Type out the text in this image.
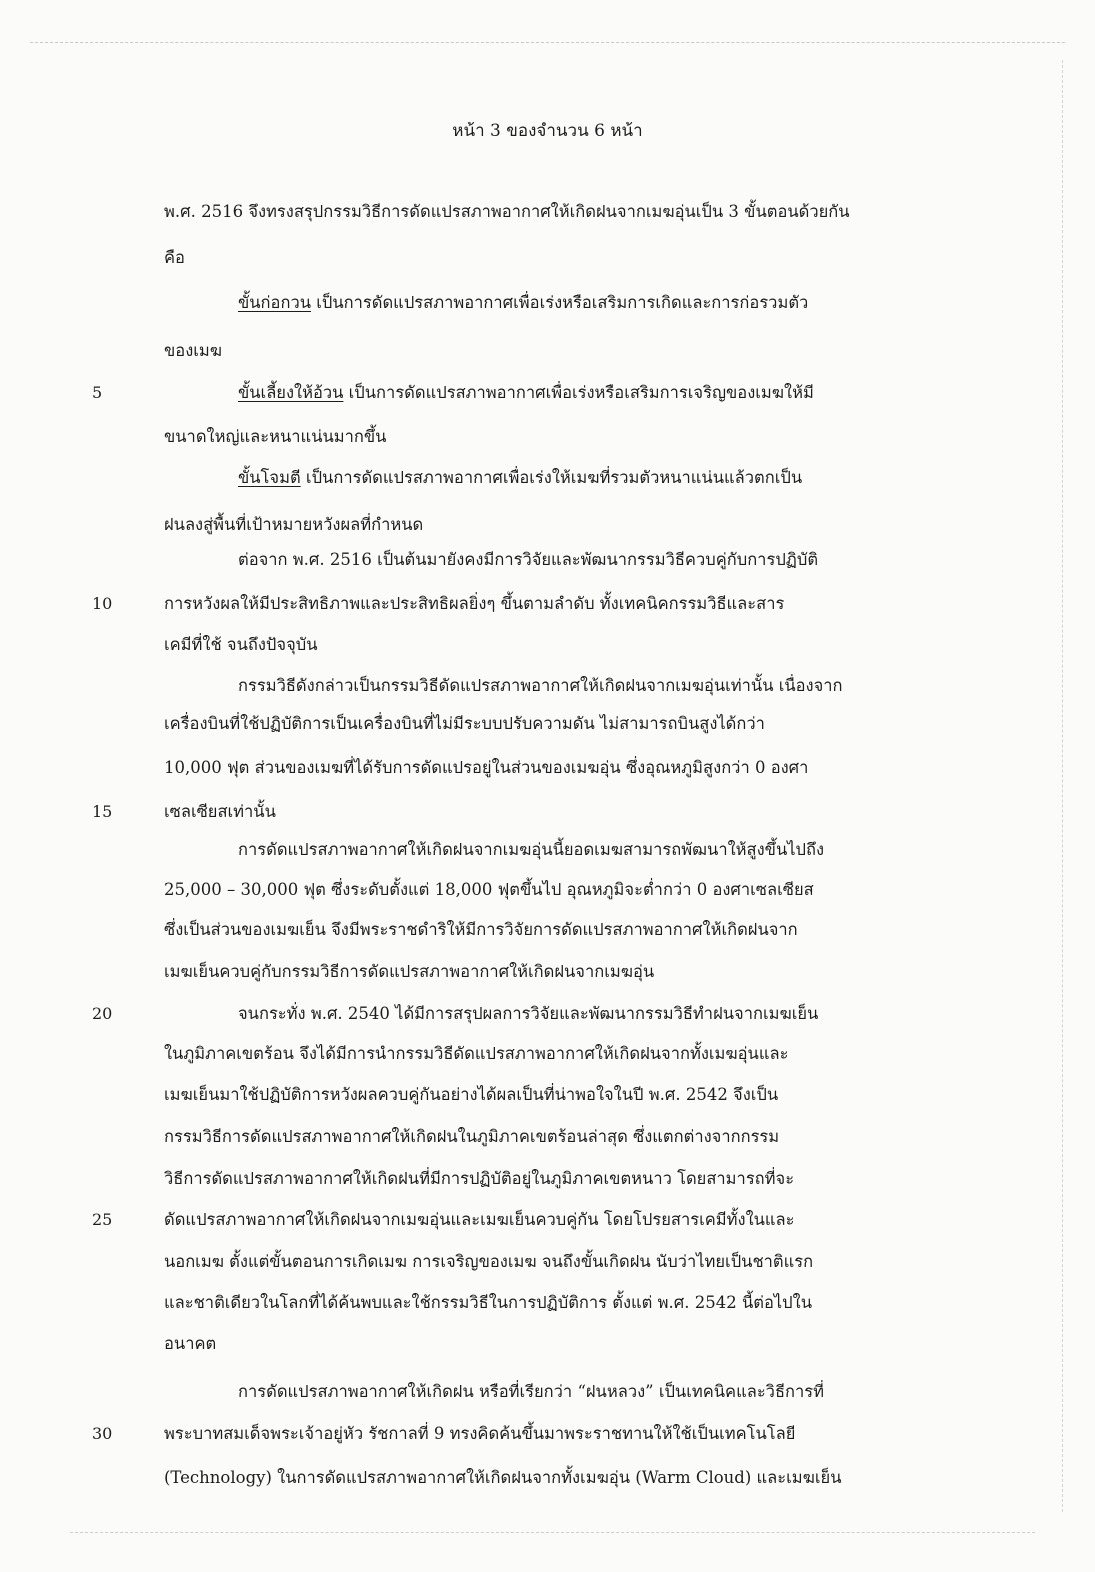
หน้า 3 ของจำนวน 6 หน้า
พ.ศ. 2516 จึงทรงสรุปกรรมวิธีการดัดแปรสภาพอากาศให้เกิดฝนจากเมฆอุ่นเป็น 3 ขั้นตอนด้วยกัน
คือ
ขั้นก่อกวน เป็นการดัดแปรสภาพอากาศเพื่อเร่งหรือเสริมการเกิดและการก่อรวมตัว
ของเมฆ
ขั้นเลี้ยงให้อ้วน เป็นการดัดแปรสภาพอากาศเพื่อเร่งหรือเสริมการเจริญของเมฆให้มี
ขนาดใหญ่และหนาแน่นมากขึ้น
ขั้นโจมตี เป็นการดัดแปรสภาพอากาศเพื่อเร่งให้เมฆที่รวมตัวหนาแน่นแล้วตกเป็น
ฝนลงสู่พื้นที่เป้าหมายหวังผลที่กำหนด
ต่อจาก พ.ศ. 2516 เป็นต้นมายังคงมีการวิจัยและพัฒนากรรมวิธีควบคู่กับการปฏิบัติ
การหวังผลให้มีประสิทธิภาพและประสิทธิผลยิ่งๆ ขึ้นตามลำดับ ทั้งเทคนิคกรรมวิธีและสาร
เคมีที่ใช้ จนถึงปัจจุบัน
กรรมวิธีดังกล่าวเป็นกรรมวิธีดัดแปรสภาพอากาศให้เกิดฝนจากเมฆอุ่นเท่านั้น เนื่องจาก
เครื่องบินที่ใช้ปฏิบัติการเป็นเครื่องบินที่ไม่มีระบบปรับความดัน ไม่สามารถบินสูงได้กว่า
10,000 ฟุต ส่วนของเมฆที่ได้รับการดัดแปรอยู่ในส่วนของเมฆอุ่น ซึ่งอุณหภูมิสูงกว่า 0 องศา
เซลเซียสเท่านั้น
การดัดแปรสภาพอากาศให้เกิดฝนจากเมฆอุ่นนี้ยอดเมฆสามารถพัฒนาให้สูงขึ้นไปถึง
25,000 – 30,000 ฟุต ซึ่งระดับตั้งแต่ 18,000 ฟุตขึ้นไป อุณหภูมิจะต่ำกว่า 0 องศาเซลเซียส
ซึ่งเป็นส่วนของเมฆเย็น จึงมีพระราชดำริให้มีการวิจัยการดัดแปรสภาพอากาศให้เกิดฝนจาก
เมฆเย็นควบคู่กับกรรมวิธีการดัดแปรสภาพอากาศให้เกิดฝนจากเมฆอุ่น
จนกระทั่ง พ.ศ. 2540 ได้มีการสรุปผลการวิจัยและพัฒนากรรมวิธีทำฝนจากเมฆเย็น
ในภูมิภาคเขตร้อน จึงได้มีการนำกรรมวิธีดัดแปรสภาพอากาศให้เกิดฝนจากทั้งเมฆอุ่นและ
เมฆเย็นมาใช้ปฏิบัติการหวังผลควบคู่กันอย่างได้ผลเป็นที่น่าพอใจในปี พ.ศ. 2542 จึงเป็น
กรรมวิธีการดัดแปรสภาพอากาศให้เกิดฝนในภูมิภาคเขตร้อนล่าสุด ซึ่งแตกต่างจากกรรม
วิธีการดัดแปรสภาพอากาศให้เกิดฝนที่มีการปฏิบัติอยู่ในภูมิภาคเขตหนาว โดยสามารถที่จะ
ดัดแปรสภาพอากาศให้เกิดฝนจากเมฆอุ่นและเมฆเย็นควบคู่กัน โดยโปรยสารเคมีทั้งในและ
นอกเมฆ ตั้งแต่ขั้นตอนการเกิดเมฆ การเจริญของเมฆ จนถึงขั้นเกิดฝน นับว่าไทยเป็นชาติแรก
และชาติเดียวในโลกที่ได้ค้นพบและใช้กรรมวิธีในการปฏิบัติการ ตั้งแต่ พ.ศ. 2542 นี้ต่อไปใน
อนาคต
การดัดแปรสภาพอากาศให้เกิดฝน หรือที่เรียกว่า “ฝนหลวง” เป็นเทคนิคและวิธีการที่
พระบาทสมเด็จพระเจ้าอยู่หัว รัชกาลที่ 9 ทรงคิดค้นขึ้นมาพระราชทานให้ใช้เป็นเทคโนโลยี
(Technology) ในการดัดแปรสภาพอากาศให้เกิดฝนจากทั้งเมฆอุ่น (Warm Cloud) และเมฆเย็น
5
10
15
20
25
30
